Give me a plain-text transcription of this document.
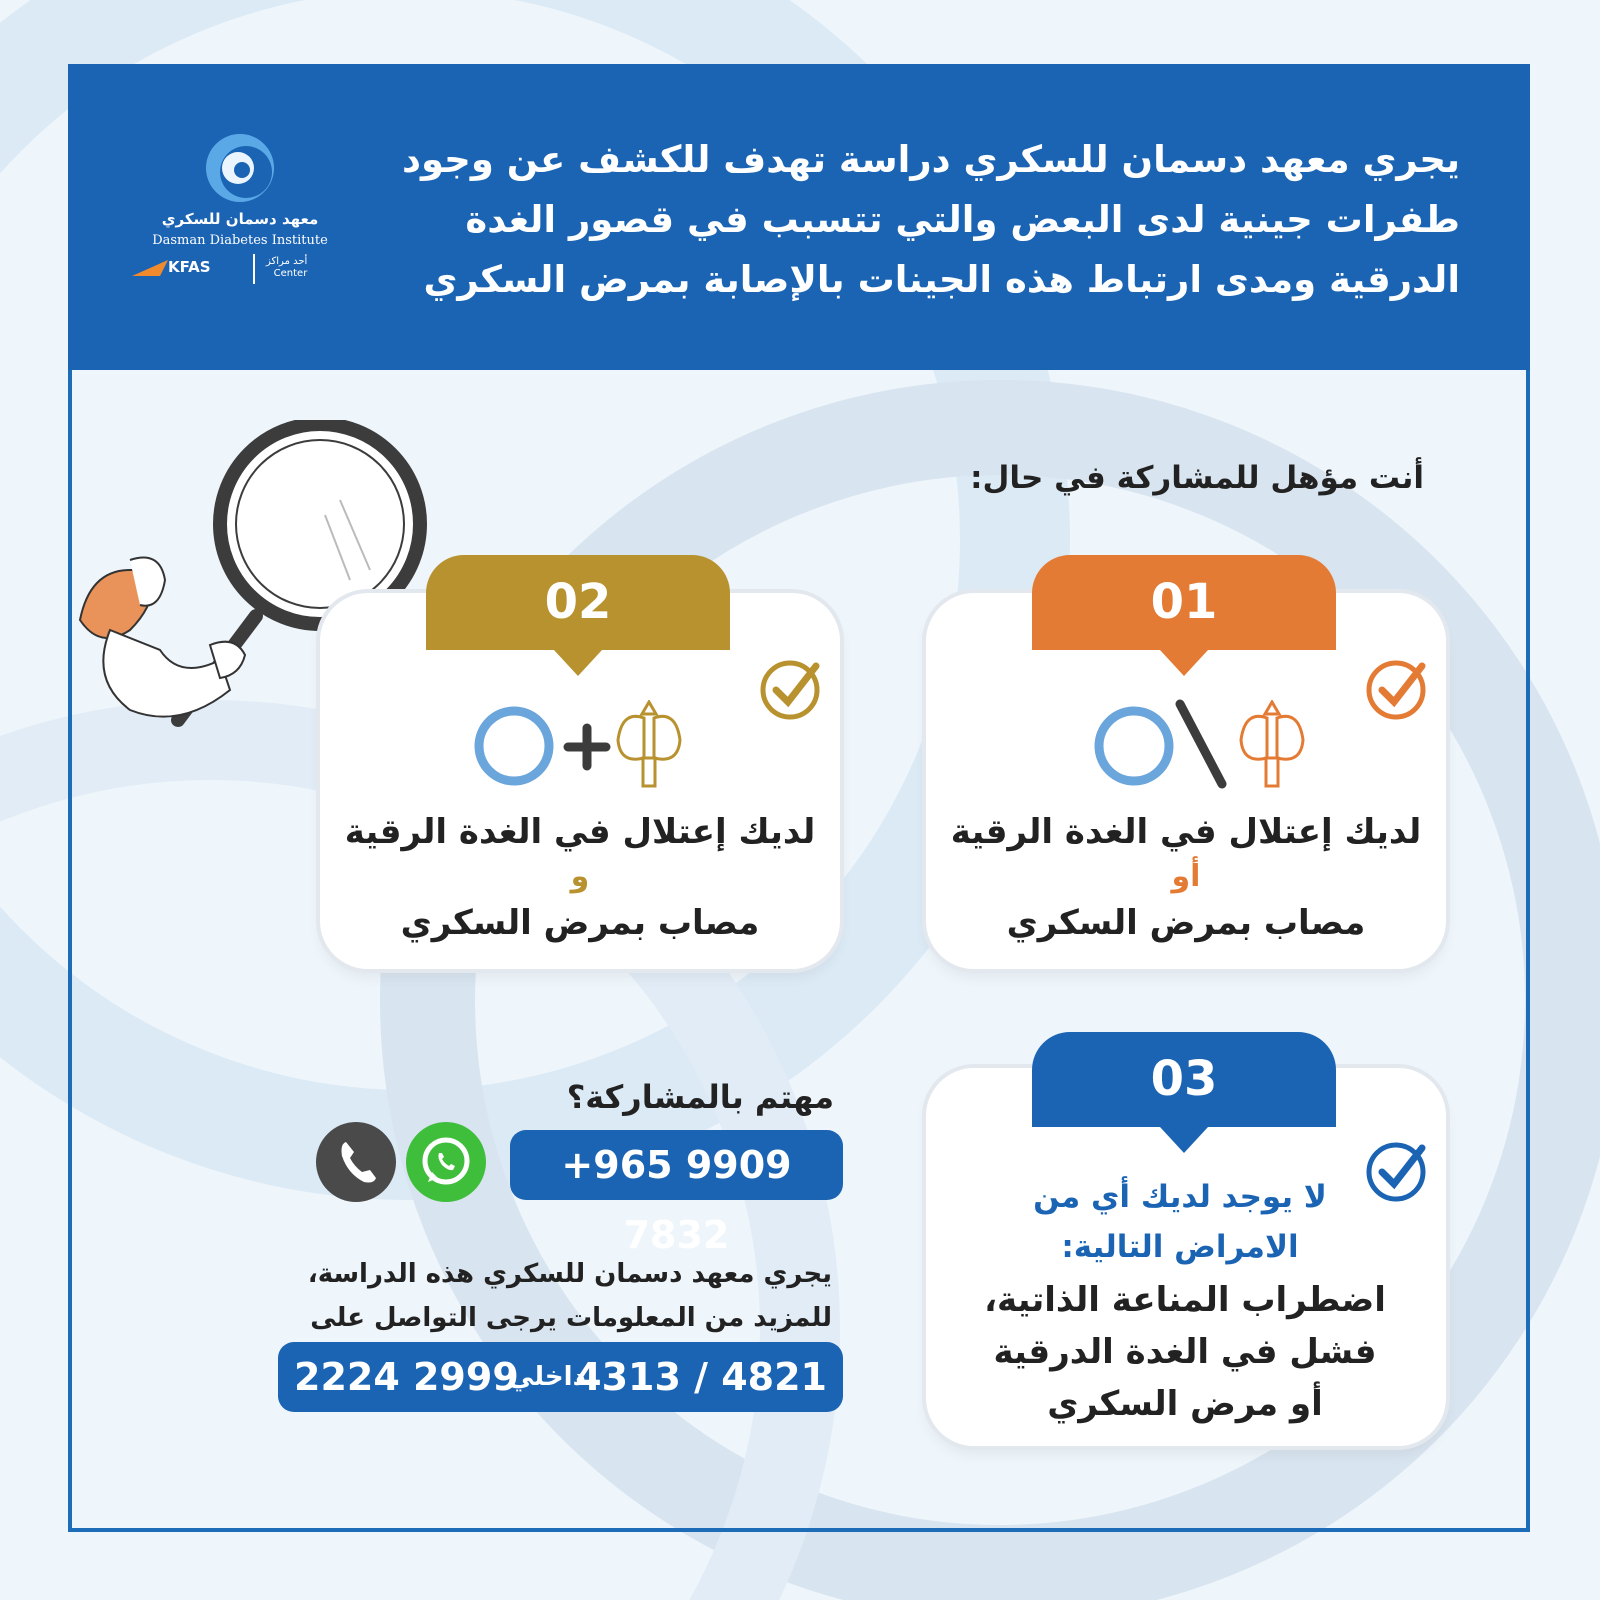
يجري معهد دسمان للسكري دراسة تهدف للكشف عن وجود طفرات جينية لدى البعض والتي تتسبب في قصور الغدة الدرقية ومدى ارتباط هذه الجينات بالإصابة بمرض السكري
معهد دسمان للسكري
Dasman Diabetes Institute
KFAS	أحد مراكز
Center
أنت مؤهل للمشاركة في حال:
01
لديك إعتلال في الغدة الرقية
أو
مصاب بمرض السكري
02
لديك إعتلال في الغدة الرقية
و
مصاب بمرض السكري
03
لا يوجد لديك أي من الامراض التالية:
اضطراب المناعة الذاتية، فشل في الغدة الدرقية أو مرض السكري
مهتم بالمشاركة؟
+965 9909 7832
يجري معهد دسمان للسكري هذه الدراسة، للمزيد من المعلومات يرجى التواصل على
2224 2999
داخلي
4313 / 4821
